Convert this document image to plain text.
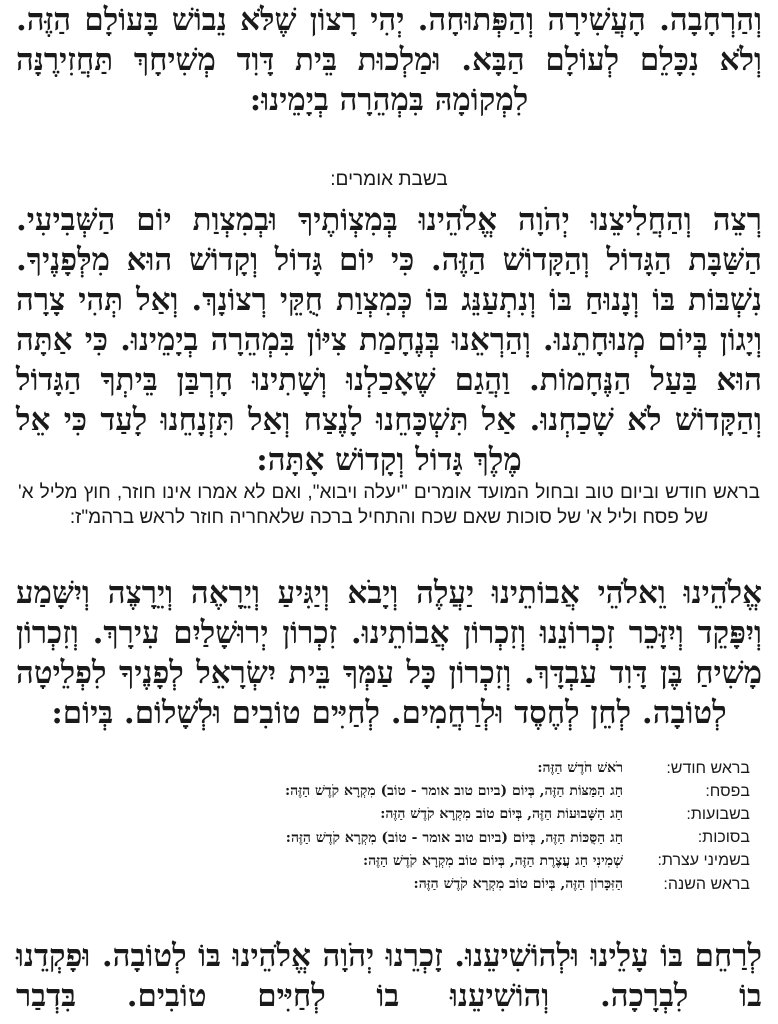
וְהַרְחָבָה. הָעֲשִׁירָה וְהַפְּתוּחָה. יְהִי רָצוֹן שֶׁלֹּא נֵבוֹשׁ בָּעוֹלָם הַזֶּה. וְלֹא נִכָּלֵם לְעוֹלָם הַבָּא. וּמַלְכוּת בֵּית דָּוִד מְשִׁיחָךְ תַּחֲזִירֶנָּה לִמְקוֹמָהּ בִּמְהֵרָה בְיָמֵינוּ:

בשבת אומרים:

רְצֵה וְהַחֲלִיצֵנוּ יְהֹוָה אֱלֹהֵינוּ בְּמִצְוֹתֶיךָ וּבְמִצְוַת יוֹם הַשְּׁבִיעִי. הַשַּׁבָּת הַגָּדוֹל וְהַקָּדוֹשׁ הַזֶּה. כִּי יוֹם גָּדוֹל וְקָדוֹשׁ הוּא מִלְּפָנֶיךָ. נִשְׁבּוֹת בּוֹ וְנָנוּחַ בּוֹ וְנִתְעַנֵּג בּוֹ כְּמִצְוַת חֻקֵּי רְצוֹנָךְ. וְאַל תְּהִי צָרָה וְיָגוֹן בְּיוֹם מְנוּחָתֵנוּ. וְהַרְאֵנוּ בְּנֶחָמַת צִיּוֹן בִּמְהֵרָה בְיָמֵינוּ. כִּי אַתָּה הוּא בַּעַל הַנֶּחָמוֹת. וַהֲגַם שֶׁאָכַלְנוּ וְשָׁתִינוּ חָרְבַּן בֵּיתְךָ הַגָּדוֹל וְהַקָּדוֹשׁ לֹא שָׁכַחְנוּ. אַל תִּשְׁכָּחֵנוּ לָנֶצַח וְאַל תִּזְנָחֵנוּ לָעַד כִּי אֵל מֶלֶךְ גָּדוֹל וְקָדוֹשׁ אָתָּה:

בראש חודש וביום טוב ובחול המועד אומרים "יעלה ויבוא", ואם לא אמרו אינו חוזר, חוץ מליל א' של פסח וליל א' של סוכות שאם שכח והתחיל ברכה שלאחריה חוזר לראש ברהמ"ז:

אֱלֹהֵינוּ וֵאלֹהֵי אֲבוֹתֵינוּ יַעֲלֶה וְיָבֹא וְיַגִּיעַ וְיֵרָאֶה וְיֵרָצֶה וְיִשָּׁמַע וְיִפָּקֵד וְיִזָּכֵר זִכְרוֹנֵנוּ וְזִכְרוֹן אֲבוֹתֵינוּ. זִכְרוֹן יְרוּשָׁלַיִם עִירָךְ. וְזִכְרוֹן מָשִׁיחַ בֶּן דָּוִד עַבְדָּךְ. וְזִכְרוֹן כָּל עַמְּךָ בֵּית יִשְׂרָאֵל לְפָנֶיךָ לִפְלֵיטָה לְטוֹבָה. לְחֵן לְחֶסֶד וּלְרַחֲמִים. לְחַיִּים טוֹבִים וּלְשָׁלוֹם. בְּיוֹם:

בראש חודש:
רֹאשׁ חֹדֶשׁ הַזֶּה:
בפסח:
חַג הַמַּצּוֹת הַזֶּה, בְּיוֹם (ביום טוב אומר - טוֹב) מִקְרָא קֹדֶשׁ הַזֶּה:
בשבועות:
חַג הַשָּׁבוּעוֹת הַזֶּה, בְּיוֹם טוֹב מִקְרָא קֹדֶשׁ הַזֶּה:
בסוכות:
חַג הַסֻּכּוֹת הַזֶּה, בְּיוֹם (ביום טוב אומר - טוֹב) מִקְרָא קֹדֶשׁ הַזֶּה:
בשמיני עצרת:
שְׁמִינִי חַג עֲצֶרֶת הַזֶּה, בְּיוֹם טוֹב מִקְרָא קֹדֶשׁ הַזֶּה:
בראש השנה:
הַזִּכָּרוֹן הַזֶּה, בְּיוֹם טוֹב מִקְרָא קֹדֶשׁ הַזֶּה:

לְרַחֵם בּוֹ עָלֵינוּ וּלְהוֹשִׁיעֵנוּ. זָכְרֵנוּ יְהֹוָה אֱלֹהֵינוּ בּוֹ לְטוֹבָה. וּפָקְדֵנוּ בוֹ לִבְרָכָה. וְהוֹשִׁיעֵנוּ בוֹ לְחַיִּים טוֹבִים. בִּדְבַר
